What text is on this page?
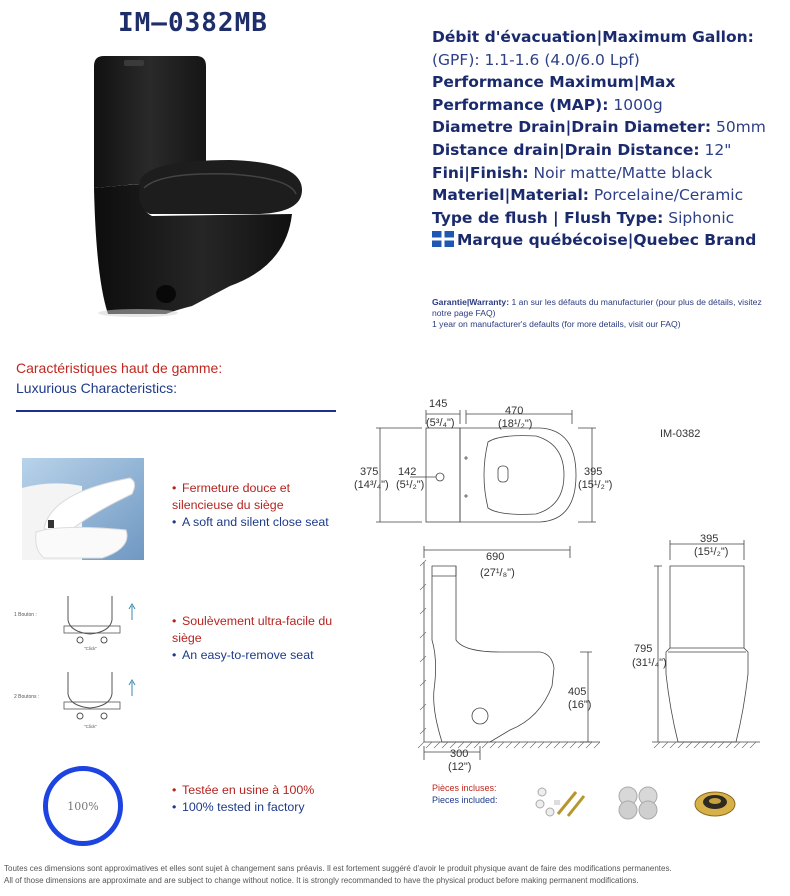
IM–0382MB	Débit d'évacuation|Maximum Gallon:
(GPF): 1.1-1.6 (4.0/6.0 Lpf)
Performance Maximum|Max
Performance (MAP): 1000g
Diametre Drain|Drain Diameter: 50mm
Distance drain|Drain Distance: 12"
Fini|Finish: Noir matte/Matte black
Materiel|Material: Porcelaine/Ceramic
Type de flush | Flush Type: Siphonic
Marque québécoise|Quebec Brand
Garantie|Warranty: 1 an sur les défauts du manufacturier (pour plus de détails, visitez notre page FAQ)
1 year on manufacturer's defaults (for more details, visit our FAQ)
Caractéristiques haut de gamme:
Luxurious Characteristics:
• Fermeture douce et silencieuse du siège
• A soft and silent close seat
1 Bouton :
"Click"
2 Boutons :
"Click"
• Soulèvement ultra-facile du siège
• An easy-to-remove seat
100%
• Testée en usine à 100%
• 100% tested in factory
IM-0382
145
(5³/₄")
470
(18¹/₂")
375
(14³/₄")
142
(5¹/₂")
395
(15¹/₂")
690
(27¹/₈")
405
(16")
300
(12")
395
(15¹/₂")
795
(31¹/₄")
Pièces incluses:
Pieces included:
Toutes ces dimensions sont approximatives et elles sont sujet à changement sans préavis. Il est fortement suggéré d'avoir le produit physique avant de faire des modifications permanentes.
All of those dimensions are approximate and are subject to change without notice. It is strongly recommanded to have the physical product before making permanent modifications.
